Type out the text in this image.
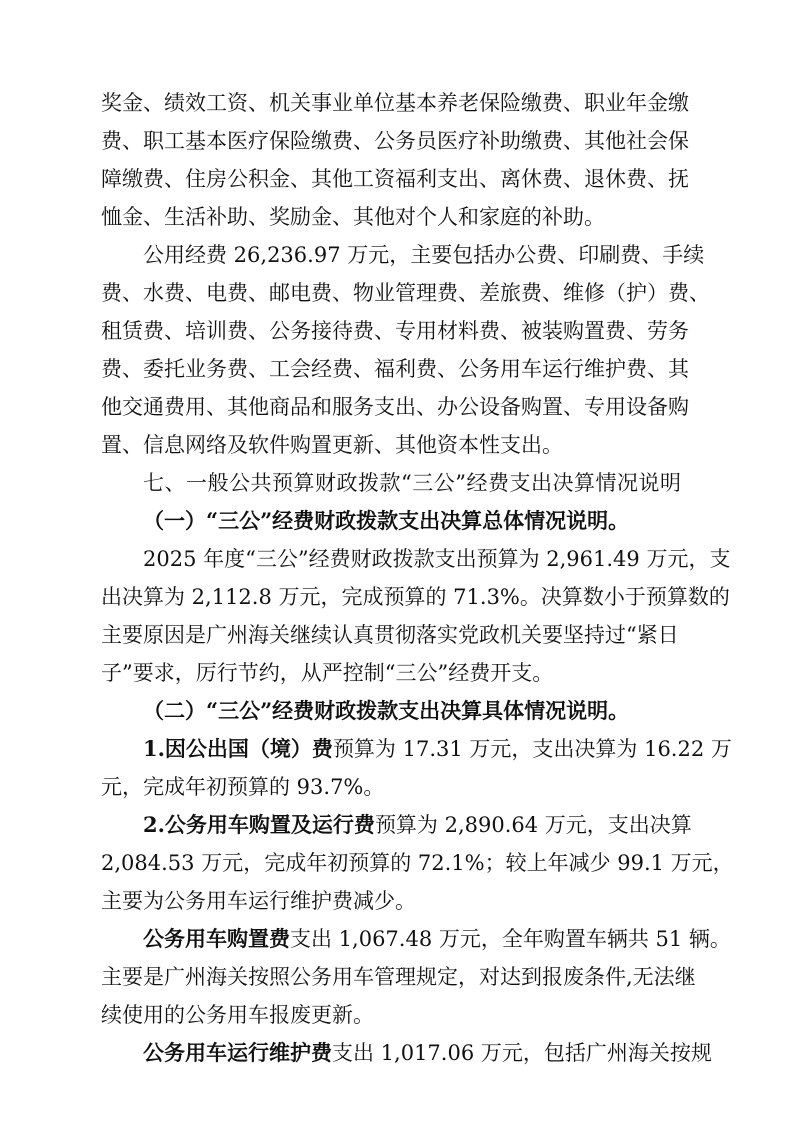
奖金、绩效工资、机关事业单位基本养老保险缴费、职业年金缴
费、职工基本医疗保险缴费、公务员医疗补助缴费、其他社会保
障缴费、住房公积金、其他工资福利支出、离休费、退休费、抚
恤金、生活补助、奖励金、其他对个人和家庭的补助。
公用经费 26,236.97 万元，主要包括办公费、印刷费、手续
费、水费、电费、邮电费、物业管理费、差旅费、维修（护）费、
租赁费、培训费、公务接待费、专用材料费、被装购置费、劳务
费、委托业务费、工会经费、福利费、公务用车运行维护费、其
他交通费用、其他商品和服务支出、办公设备购置、专用设备购
置、信息网络及软件购置更新、其他资本性支出。
七、一般公共预算财政拨款“三公”经费支出决算情况说明
（一）“三公”经费财政拨款支出决算总体情况说明。
2025 年度“三公”经费财政拨款支出预算为 2,961.49 万元，支
出决算为 2,112.8 万元，完成预算的 71.3%。决算数小于预算数的
主要原因是广州海关继续认真贯彻落实党政机关要坚持过“紧日
子”要求，厉行节约，从严控制“三公”经费开支。
（二）“三公”经费财政拨款支出决算具体情况说明。
1.因公出国（境）费预算为 17.31 万元，支出决算为 16.22 万
元，完成年初预算的 93.7%。
2.公务用车购置及运行费预算为 2,890.64 万元，支出决算
2,084.53 万元，完成年初预算的 72.1%；较上年减少 99.1 万元，
主要为公务用车运行维护费减少。
公务用车购置费支出 1,067.48 万元，全年购置车辆共 51 辆。
主要是广州海关按照公务用车管理规定，对达到报废条件,无法继
续使用的公务用车报废更新。
公务用车运行维护费支出 1,017.06 万元，包括广州海关按规
